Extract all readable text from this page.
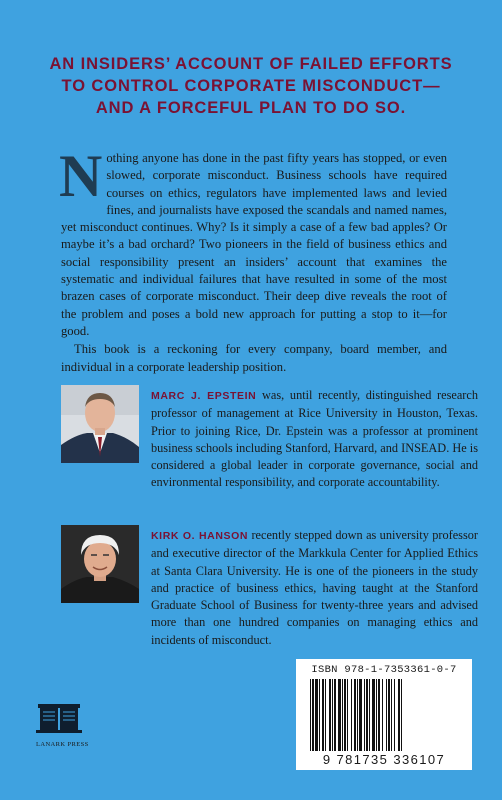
AN INSIDERS’ ACCOUNT OF FAILED EFFORTS
TO CONTROL CORPORATE MISCONDUCT—
AND A FORCEFUL PLAN TO DO SO.

Nothing anyone has done in the past fifty years has stopped, or even slowed, corporate misconduct. Business schools have required courses on ethics, regulators have implemented laws and levied fines, and journalists have exposed the scandals and named names, yet misconduct continues. Why? Is it simply a case of a few bad apples? Or maybe it’s a bad orchard? Two pioneers in the field of business ethics and social responsibility present an insiders’ account that examines the systematic and individual failures that have resulted in some of the most brazen cases of corporate misconduct. Their deep dive reveals the root of the problem and poses a bold new approach for putting a stop to it—for good.

This book is a reckoning for every company, board member, and individual in a corporate leadership position.

MARC J. EPSTEIN was, until recently, distinguished research professor of management at Rice University in Houston, Texas. Prior to joining Rice, Dr. Epstein was a professor at prominent business schools including Stanford, Harvard, and INSEAD. He is considered a global leader in corporate governance, social and environmental responsibility, and corporate accountability.
KIRK O. HANSON recently stepped down as university professor and executive director of the Markkula Center for Applied Ethics at Santa Clara University. He is one of the pioneers in the study and practice of business ethics, having taught at the Stanford Graduate School of Business for twenty-three years and advised more than one hundred companies on managing ethics and incidents of misconduct.
LANARK PRESS
ISBN 978-1-7353361-0-7
9 781735 336107
